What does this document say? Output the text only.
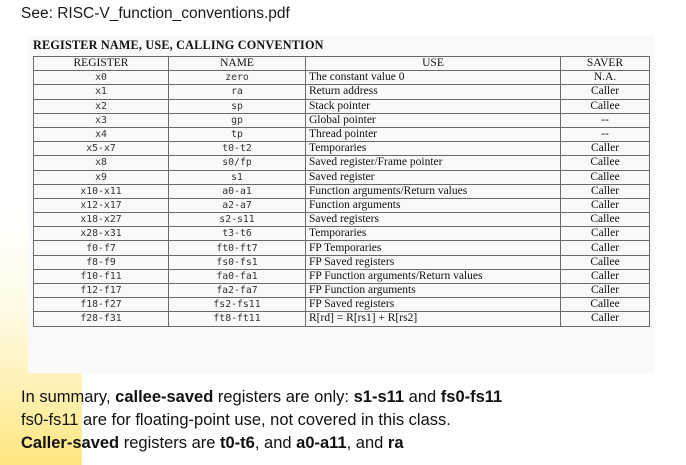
See: RISC-V_function_conventions.pdf
REGISTER NAME, USE, CALLING CONVENTION
REGISTER	NAME	USE	SAVER
x0	zero	The constant value 0	N.A.
x1	ra	Return address	Caller
x2	sp	Stack pointer	Callee
x3	gp	Global pointer	--
x4	tp	Thread pointer	--
x5-x7	t0-t2	Temporaries	Caller
x8	s0/fp	Saved register/Frame pointer	Callee
x9	s1	Saved register	Callee
x10-x11	a0-a1	Function arguments/Return values	Caller
x12-x17	a2-a7	Function arguments	Caller
x18-x27	s2-s11	Saved registers	Callee
x28-x31	t3-t6	Temporaries	Caller
f0-f7	ft0-ft7	FP Temporaries	Caller
f8-f9	fs0-fs1	FP Saved registers	Callee
f10-f11	fa0-fa1	FP Function arguments/Return values	Caller
f12-f17	fa2-fa7	FP Function arguments	Caller
f18-f27	fs2-fs11	FP Saved registers	Callee
f28-f31	ft8-ft11	R[rd] = R[rs1] + R[rs2]	Caller
In summary, callee-saved registers are only: s1-s11 and fs0-fs11
fs0-fs11 are for floating-point use, not covered in this class.
Caller-saved registers are t0-t6, and a0-a11, and ra
